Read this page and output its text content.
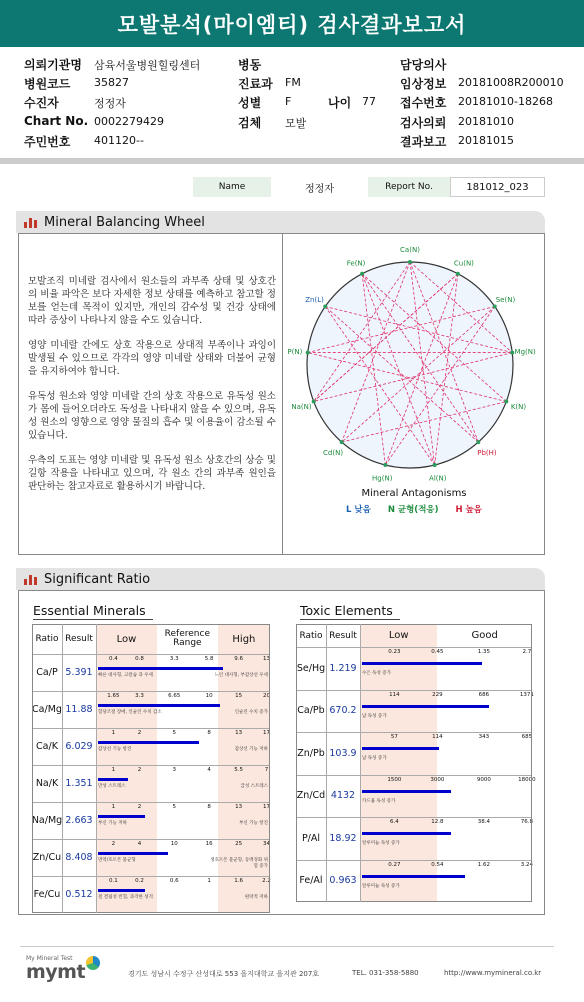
모발분석(마이엠티) 검사결과보고서
의뢰기관명 삼육서울병원힐링센터	병동	담당의사
병원코드 35827	진료과 FM	임상정보 20181008R200010
수진자	정정자	성별 F	나이 77 접수번호 20181010-18268
Chart No. 0002279429	검체 모발	검사의뢰 20181010
주민번호 401120--	결과보고 20181015
Name	정정자	Report No.	181012_023
Mineral Balancing Wheel

모발조직 미네랄 검사에서 원소들의 과부족 상태 및 상호간의 비율 파악은 보다 자세한 정보 상태를 예측하고 참고할 정보를 얻는데 목적이 있지만, 개인의 감수성 및 건강 상태에 따라 증상이 나타나지 않을 수도 있습니다.

영양 미네랄 간에도 상호 작용으로 상대적 부족이나 과잉이 발생될 수 있으므로 각각의 영양 미네랄 상태와 더불어 균형을 유지하여야 합니다.

유독성 원소와 영양 미네랄 간의 상호 작용으로 유독성 원소가 몸에 들어오더라도 독성을 나타내지 않을 수 있으며, 유독성 원소의 영향으로 영양 물질의 흡수 및 이용율이 감소될 수 있습니다.

우측의 도표는 영양 미네랄 및 유독성 원소 상호간의 상승 및 길항 작용을 나타내고 있으며, 각 원소 간의 과부족 원인을 판단하는 참고자료로 활용하시기 바랍니다.

Ca(N)
Cu(N)
Se(N)
Mg(N)
K(N)
Pb(H)
Al(N)
Hg(N)
Cd(N)
Na(N)
P(N)
Zn(L)
Fe(N)
Mineral Antagonisms
L 낮음 N 균형(적응) H 높음
Significant Ratio
Essential Minerals	Toxic Elements
Ratio Result	Low	Reference Range	High
Ca/P 5.391
0.4	0.8	3.3	5.8	9.6	13
빠른 대사형, 고칼슘 과 우세	느린 대사형, 부갑상선 우세
Ca/Mg 11.88
1.65	3.3	6.65	10	15	20
혈당조절 장애, 인슐린 수치 감소	인슐린 수치 증가
Ca/K 6.029
1	2	5	8	13	17
갑상선 기능 항진	갑상선 기능 저하
Na/K 1.351
1	2	3	4	5.5	7
만성 스트레스	급성 스트레스
Na/Mg 2.663
1	2	5	8	13	17
부신 기능 저하	부신 기능 항진
Zn/Cu 8.408
2	4	10	16	25	34
면역/호르몬 불균형	생호르몬 불균형, 동맥경화 위험 증가
Fe/Cu 0.512
0.1	0.2	0.6	1	1.6	2.2
철 결핍성 빈혈, 과격한 성격	편락적 저하
Ratio Result	Low	Good
Se/Hg 1.219
0.23	0.45	1.35	2.7
수은 독성 증가
Ca/Pb 670.2
114	229	686	1371
납 독성 증가
Zn/Pb 103.9
57	114	343	685
납 독성 증가
Zn/Cd 4132
1500	3000	9000	18000
카드뮴 독성 증가
P/Al 18.92
6.4	12.8	38.4	76.8
알루미늄 독성 증가
Fe/Al 0.963
0.27	0.54	1.62	3.24
알루미늄 독성 증가
My Mineral Test
mymt	경기도 성남시 수정구 산성대로 553 을지대학교 을지관 207호	TEL. 031-358-5880	http://www.mymineral.co.kr
